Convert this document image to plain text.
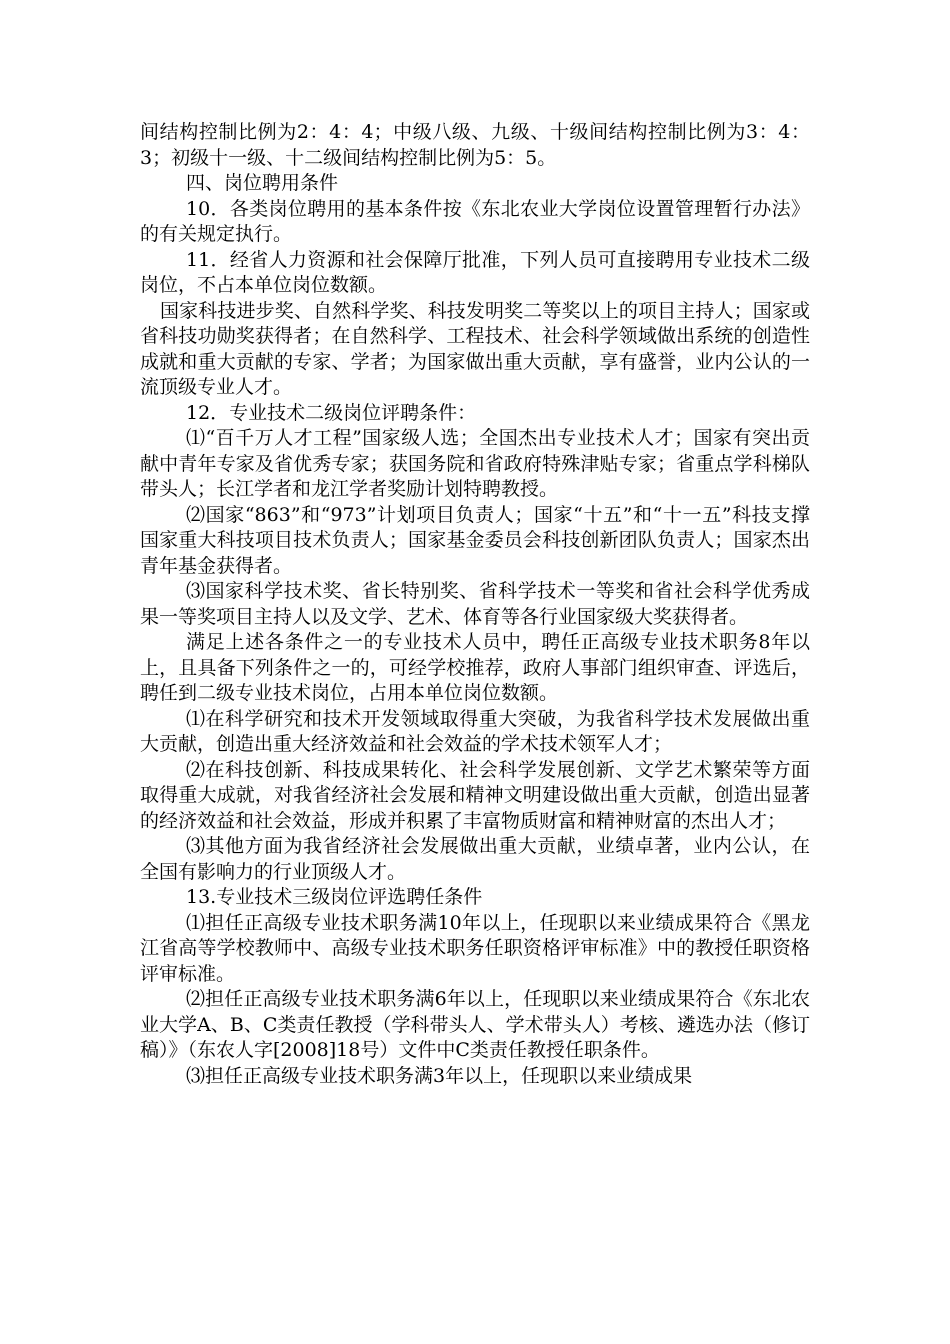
间结构控制比例为2：4：4；中级八级、九级、十级间结构控制比例为3：4：3；初级十一级、十二级间结构控制比例为5：5。

四、岗位聘用条件

10．各类岗位聘用的基本条件按《东北农业大学岗位设置管理暂行办法》的有关规定执行。

11．经省人力资源和社会保障厅批准，下列人员可直接聘用专业技术二级岗位，不占本单位岗位数额。

国家科技进步奖、自然科学奖、科技发明奖二等奖以上的项目主持人；国家或省科技功勋奖获得者；在自然科学、工程技术、社会科学领域做出系统的创造性成就和重大贡献的专家、学者；为国家做出重大贡献，享有盛誉，业内公认的一流顶级专业人才。

12．专业技术二级岗位评聘条件：

⑴“百千万人才工程”国家级人选；全国杰出专业技术人才；国家有突出贡献中青年专家及省优秀专家；获国务院和省政府特殊津贴专家；省重点学科梯队带头人；长江学者和龙江学者奖励计划特聘教授。

⑵国家“863”和“973”计划项目负责人；国家“十五”和“十一五”科技支撑国家重大科技项目技术负责人；国家基金委员会科技创新团队负责人；国家杰出青年基金获得者。

⑶国家科学技术奖、省长特别奖、省科学技术一等奖和省社会科学优秀成果一等奖项目主持人以及文学、艺术、体育等各行业国家级大奖获得者。

满足上述各条件之一的专业技术人员中，聘任正高级专业技术职务8年以上，且具备下列条件之一的，可经学校推荐，政府人事部门组织审查、评选后，聘任到二级专业技术岗位，占用本单位岗位数额。

⑴在科学研究和技术开发领域取得重大突破，为我省科学技术发展做出重大贡献，创造出重大经济效益和社会效益的学术技术领军人才；

⑵在科技创新、科技成果转化、社会科学发展创新、文学艺术繁荣等方面取得重大成就，对我省经济社会发展和精神文明建设做出重大贡献，创造出显著的经济效益和社会效益，形成并积累了丰富物质财富和精神财富的杰出人才；

⑶其他方面为我省经济社会发展做出重大贡献，业绩卓著，业内公认，在全国有影响力的行业顶级人才。

13.专业技术三级岗位评选聘任条件

⑴担任正高级专业技术职务满10年以上，任现职以来业绩成果符合《黑龙江省高等学校教师中、高级专业技术职务任职资格评审标准》中的教授任职资格评审标准。

⑵担任正高级专业技术职务满6年以上，任现职以来业绩成果符合《东北农业大学A、B、C类责任教授（学科带头人、学术带头人）考核、遴选办法（修订稿）》（东农人字[2008]18号）文件中C类责任教授任职条件。

⑶担任正高级专业技术职务满3年以上，任现职以来业绩成果
